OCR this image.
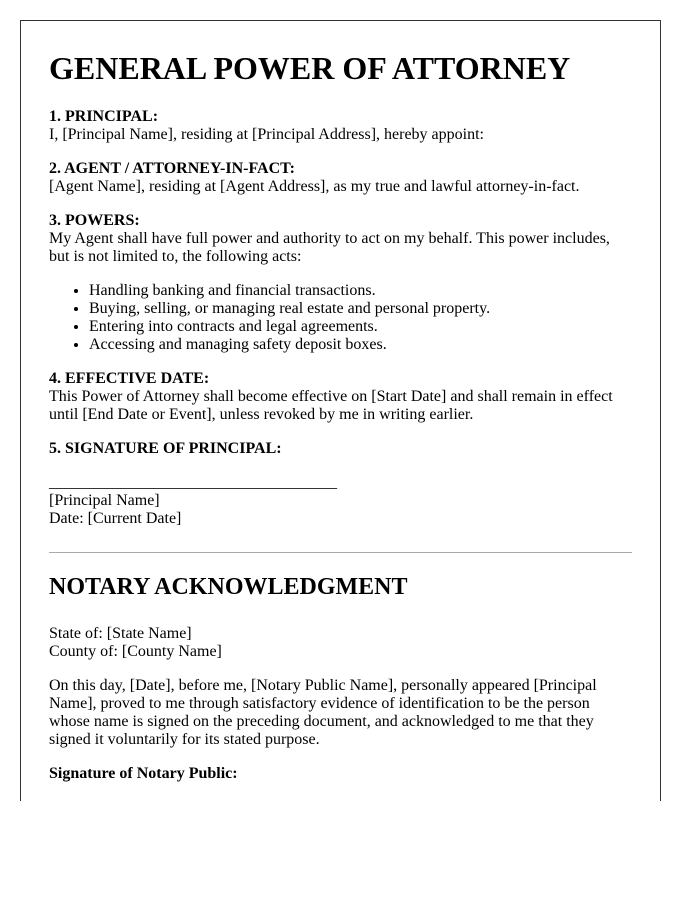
GENERAL POWER OF ATTORNEY

1. PRINCIPAL:
I, [Principal Name], residing at [Principal Address], hereby appoint:

2. AGENT / ATTORNEY-IN-FACT:
[Agent Name], residing at [Agent Address], as my true and lawful attorney-in-fact.

3. POWERS:
My Agent shall have full power and authority to act on my behalf. This power includes, but is not limited to, the following acts:

• Handling banking and financial transactions.
• Buying, selling, or managing real estate and personal property.
• Entering into contracts and legal agreements.
• Accessing and managing safety deposit boxes.

4. EFFECTIVE DATE:
This Power of Attorney shall become effective on [Start Date] and shall remain in effect until [End Date or Event], unless revoked by me in writing earlier.

5. SIGNATURE OF PRINCIPAL:

____________________________________
[Principal Name]
Date: [Current Date]

NOTARY ACKNOWLEDGMENT

State of: [State Name]
County of: [County Name]

On this day, [Date], before me, [Notary Public Name], personally appeared [Principal Name], proved to me through satisfactory evidence of identification to be the person whose name is signed on the preceding document, and acknowledged to me that they signed it voluntarily for its stated purpose.

Signature of Notary Public:
